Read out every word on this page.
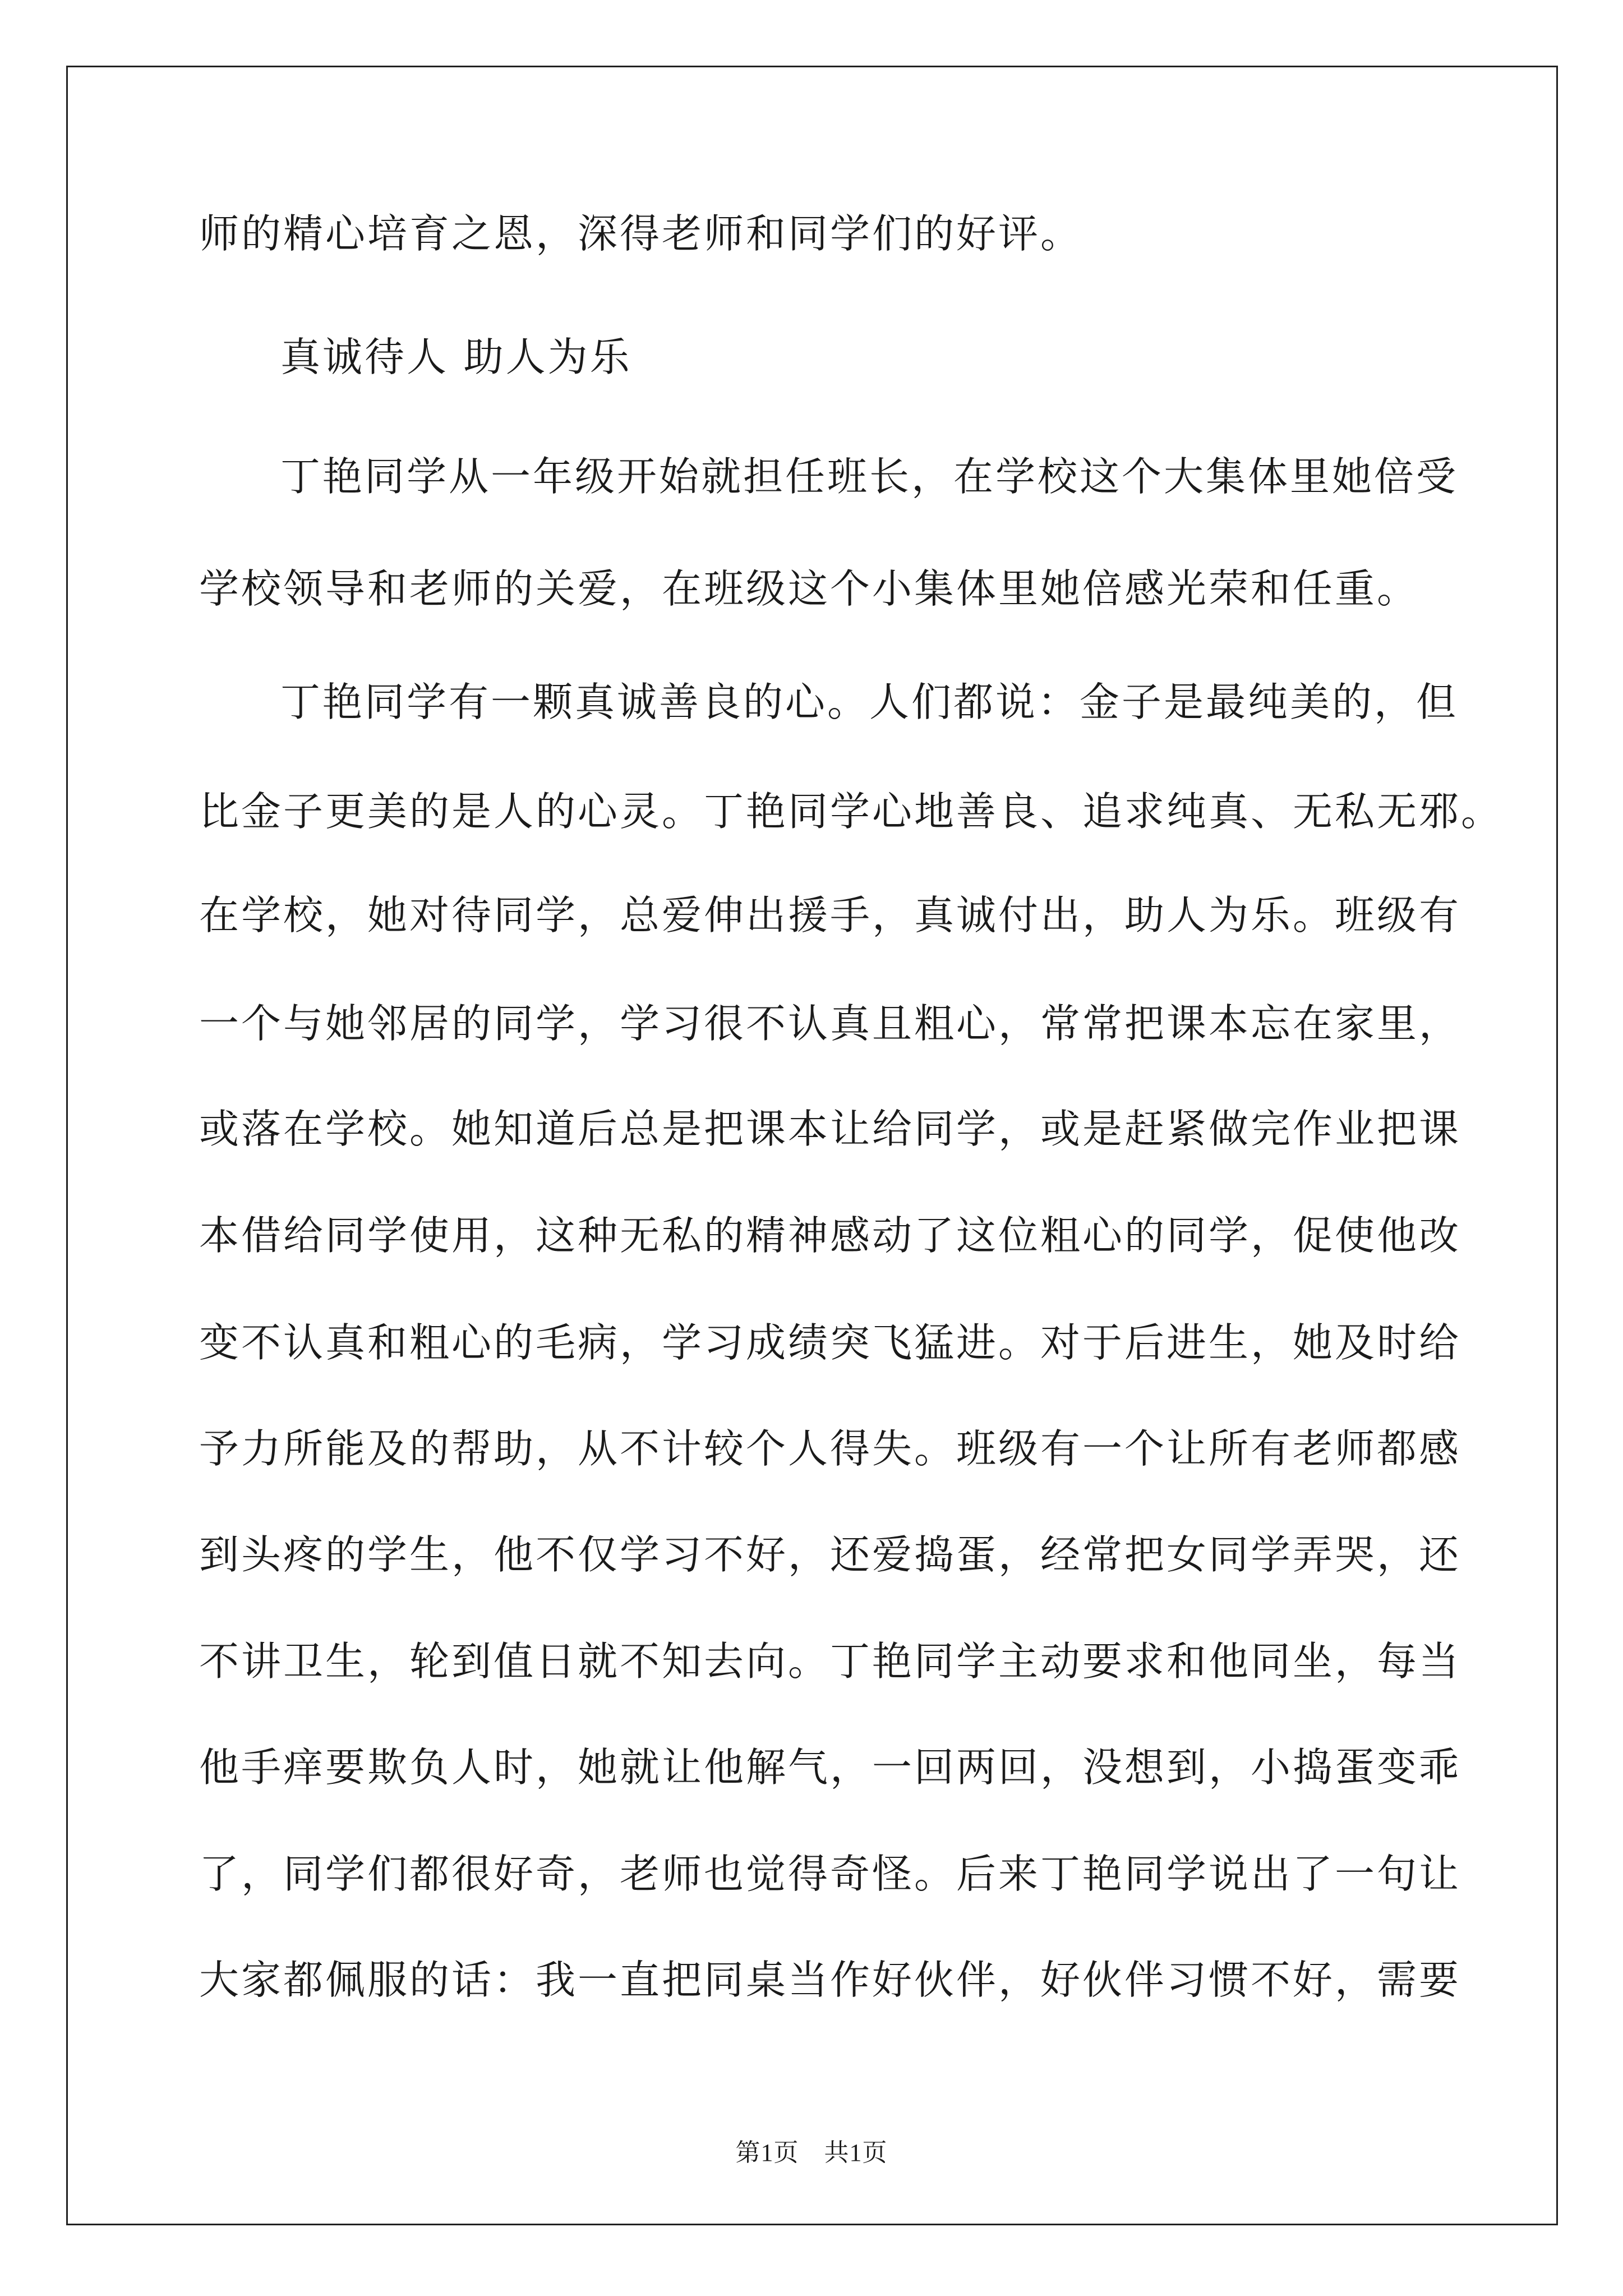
师的精心培育之恩，深得老师和同学们的好评。
真诚待人 助人为乐
丁艳同学从一年级开始就担任班长，在学校这个大集体里她倍受
学校领导和老师的关爱，在班级这个小集体里她倍感光荣和任重。
丁艳同学有一颗真诚善良的心。人们都说：金子是最纯美的，但
比金子更美的是人的心灵。丁艳同学心地善良、追求纯真、无私无邪。
在学校，她对待同学，总爱伸出援手，真诚付出，助人为乐。班级有
一个与她邻居的同学，学习很不认真且粗心，常常把课本忘在家里，
或落在学校。她知道后总是把课本让给同学，或是赶紧做完作业把课
本借给同学使用，这种无私的精神感动了这位粗心的同学，促使他改
变不认真和粗心的毛病，学习成绩突飞猛进。对于后进生，她及时给
予力所能及的帮助，从不计较个人得失。班级有一个让所有老师都感
到头疼的学生，他不仅学习不好，还爱捣蛋，经常把女同学弄哭，还
不讲卫生，轮到值日就不知去向。丁艳同学主动要求和他同坐，每当
他手痒要欺负人时，她就让他解气，一回两回，没想到，小捣蛋变乖
了，同学们都很好奇，老师也觉得奇怪。后来丁艳同学说出了一句让
大家都佩服的话：我一直把同桌当作好伙伴，好伙伴习惯不好，需要
第1页　共1页
